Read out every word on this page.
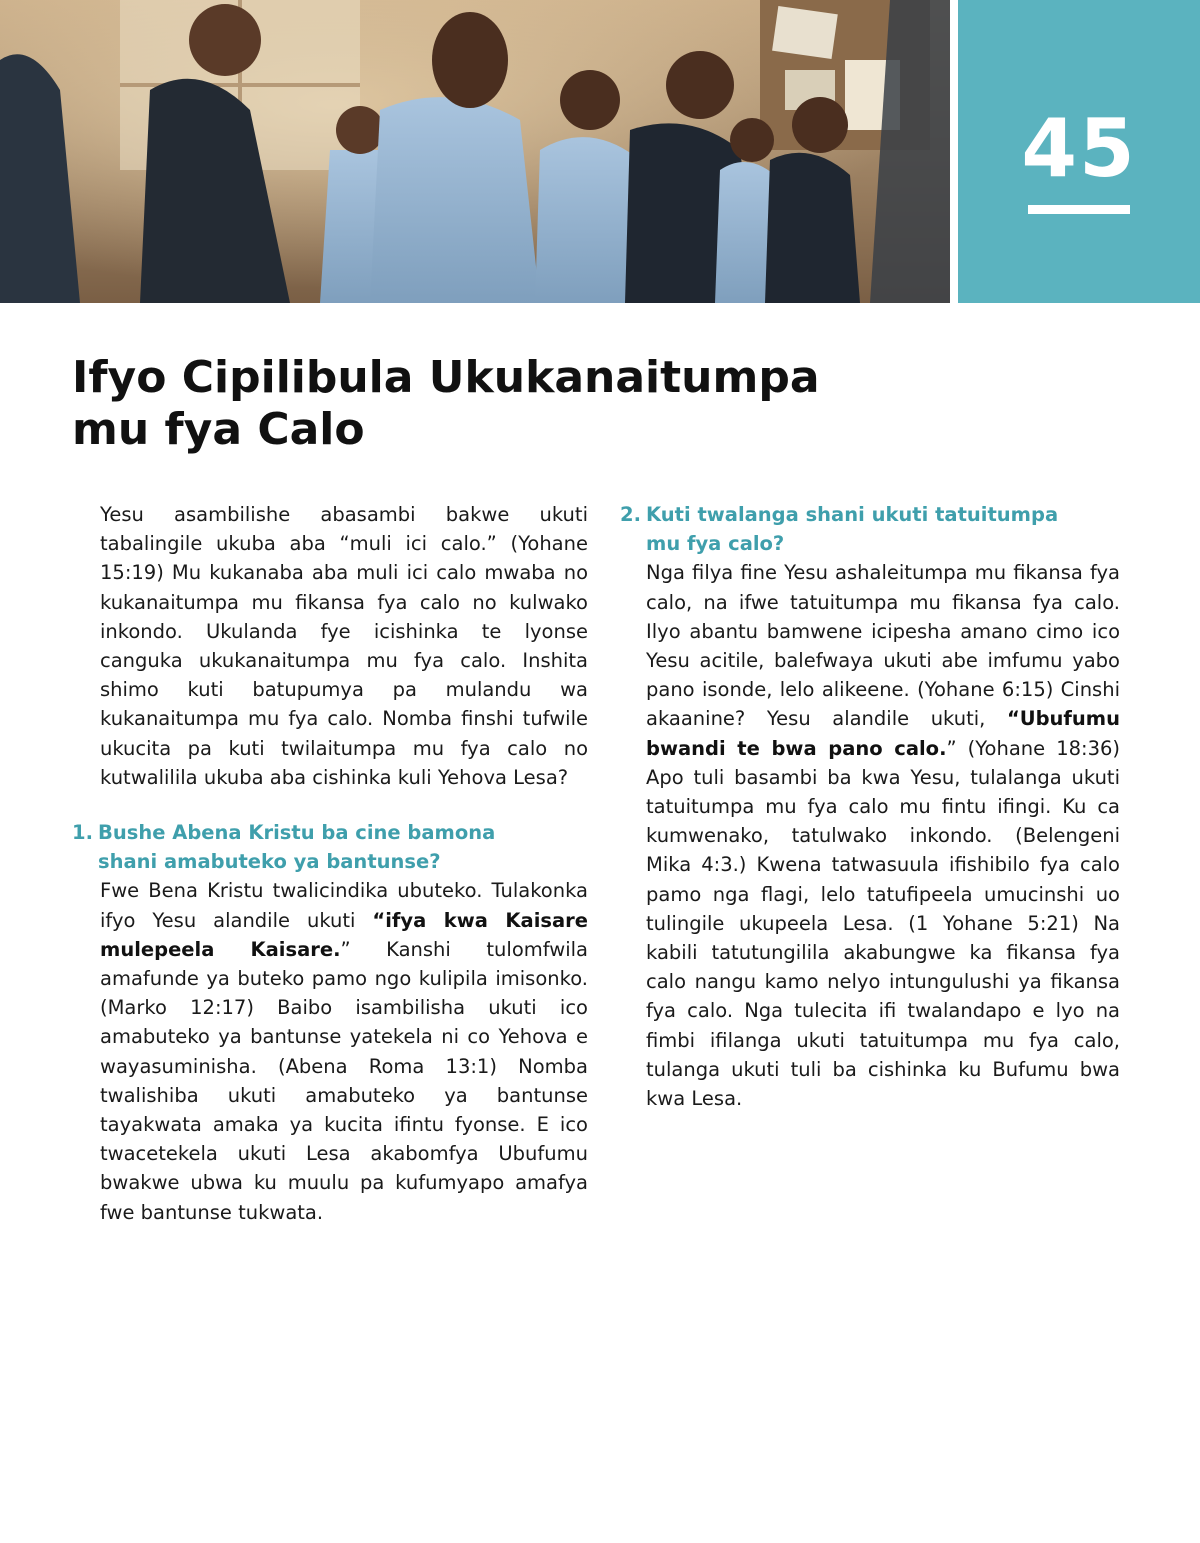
45
Ifyo Cipilibula Ukukanaitumpa
mu fya Calo

Yesu asambilishe abasambi bakwe ukuti tabalingile ukuba aba “muli ici calo.” (Yohane 15:19) Mu kukanaba aba muli ici calo mwaba no kukanaitumpa mu fikansa fya calo no kulwako inkondo. Ukulanda fye icishinka te lyonse canguka ukukanaitumpa mu fya calo. Inshita shimo kuti batupumya pa mulandu wa kukanaitumpa mu fya calo. Nomba finshi tufwile ukucita pa kuti twilaitumpa mu fya calo no kutwalilila ukuba aba cishinka kuli Yehova Lesa?

1. Bushe Abena Kristu ba cine bamona
shani amabuteko ya bantunse?

Fwe Bena Kristu twalicindika ubuteko. Tulakonka ifyo Yesu alandile ukuti “ifya kwa Kaisare mulepeela Kaisare.” Kanshi tulomfwila amafunde ya buteko pamo ngo kulipila imisonko. (Marko 12:17) Baibo isambilisha ukuti ico amabuteko ya bantunse yatekela ni co Yehova e wayasuminisha. (Abena Roma 13:1) Nomba twalishiba ukuti amabuteko ya bantunse tayakwata amaka ya kucita ifintu fyonse. E ico twacetekela ukuti Lesa akabomfya Ubufumu bwakwe ubwa ku muulu pa kufumyapo amafya fwe bantunse tukwata.

2. Kuti twalanga shani ukuti tatuitumpa
mu fya calo?

Nga filya fine Yesu ashaleitumpa mu fikansa fya calo, na ifwe tatuitumpa mu fikansa fya calo. Ilyo abantu bamwene icipesha amano cimo ico Yesu acitile, balefwaya ukuti abe imfumu yabo pano isonde, lelo alikeene. (Yohane 6:15) Cinshi akaanine? Yesu alandile ukuti, “Ubufumu bwandi te bwa pano calo.” (Yohane 18:36) Apo tuli basambi ba kwa Yesu, tulalanga ukuti tatuitumpa mu fya calo mu fintu ifingi. Ku ca kumwenako, tatulwako inkondo. (Belengeni Mika 4:3.) Kwena tatwasuula ifishibilo fya calo pamo nga flagi, lelo tatufipeela umucinshi uo tulingile ukupeela Lesa. (1 Yohane 5:21) Na kabili tatutungilila akabungwe ka fikansa fya calo nangu kamo nelyo intungulushi ya fikansa fya calo. Nga tulecita ifi twalandapo e lyo na fimbi ifilanga ukuti tatuitumpa mu fya calo, tulanga ukuti tuli ba cishinka ku Bufumu bwa kwa Lesa.
